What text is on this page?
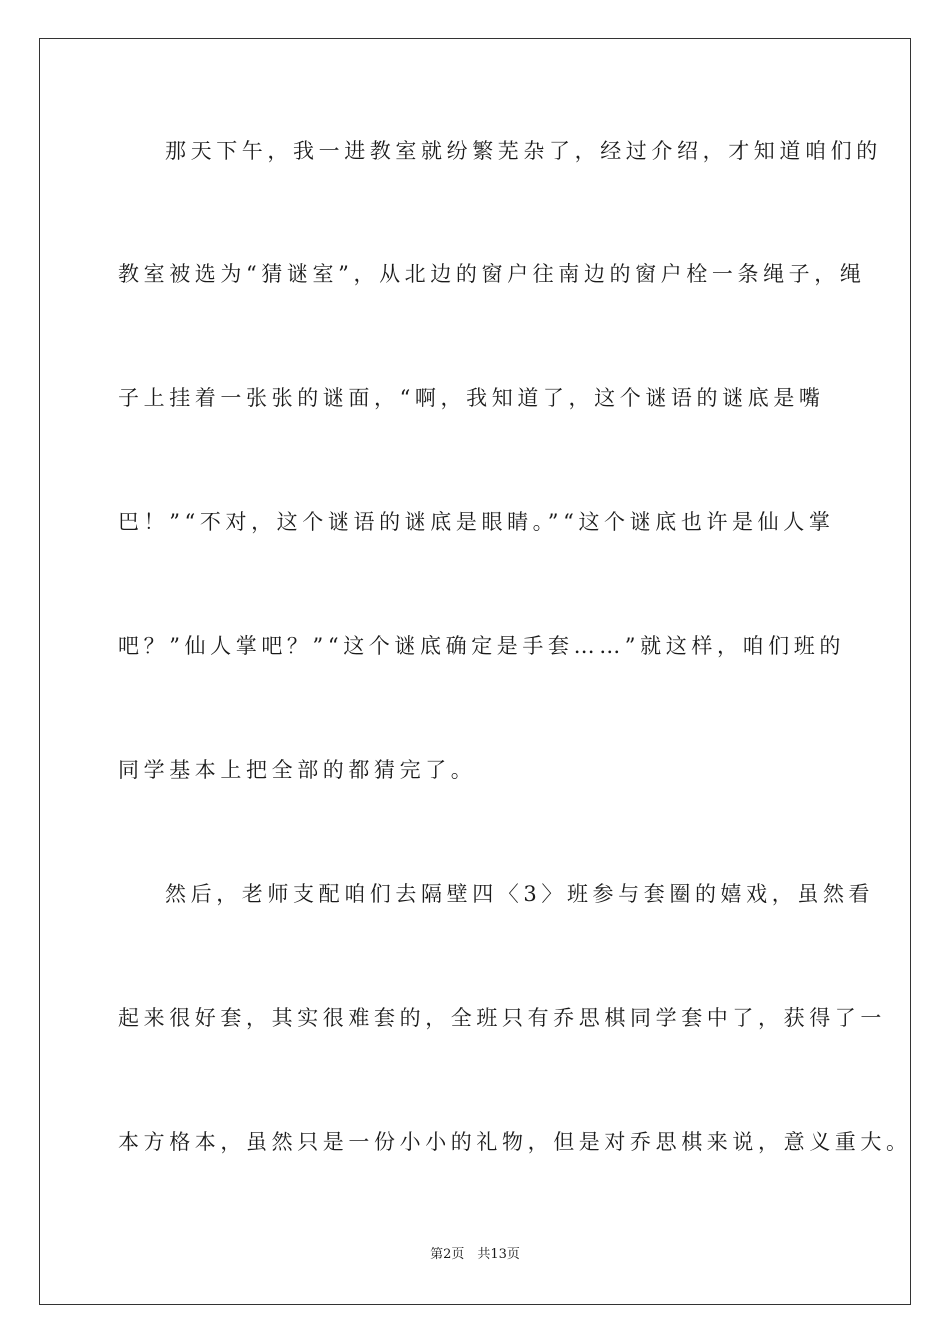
那天下午，我一进教室就纷繁芜杂了，经过介绍，才知道咱们的
教室被选为“猜谜室”，从北边的窗户往南边的窗户栓一条绳子，绳
子上挂着一张张的谜面，“啊，我知道了，这个谜语的谜底是嘴
巴！”“不对，这个谜语的谜底是眼睛。”“这个谜底也许是仙人掌
吧？”仙人掌吧？”“这个谜底确定是手套……”就这样，咱们班的
同学基本上把全部的都猜完了。
然后，老师支配咱们去隔壁四〈3〉班参与套圈的嬉戏，虽然看
起来很好套，其实很难套的，全班只有乔思棋同学套中了，获得了一
本方格本，虽然只是一份小小的礼物，但是对乔思棋来说，意义重大。
第2页　共13页
